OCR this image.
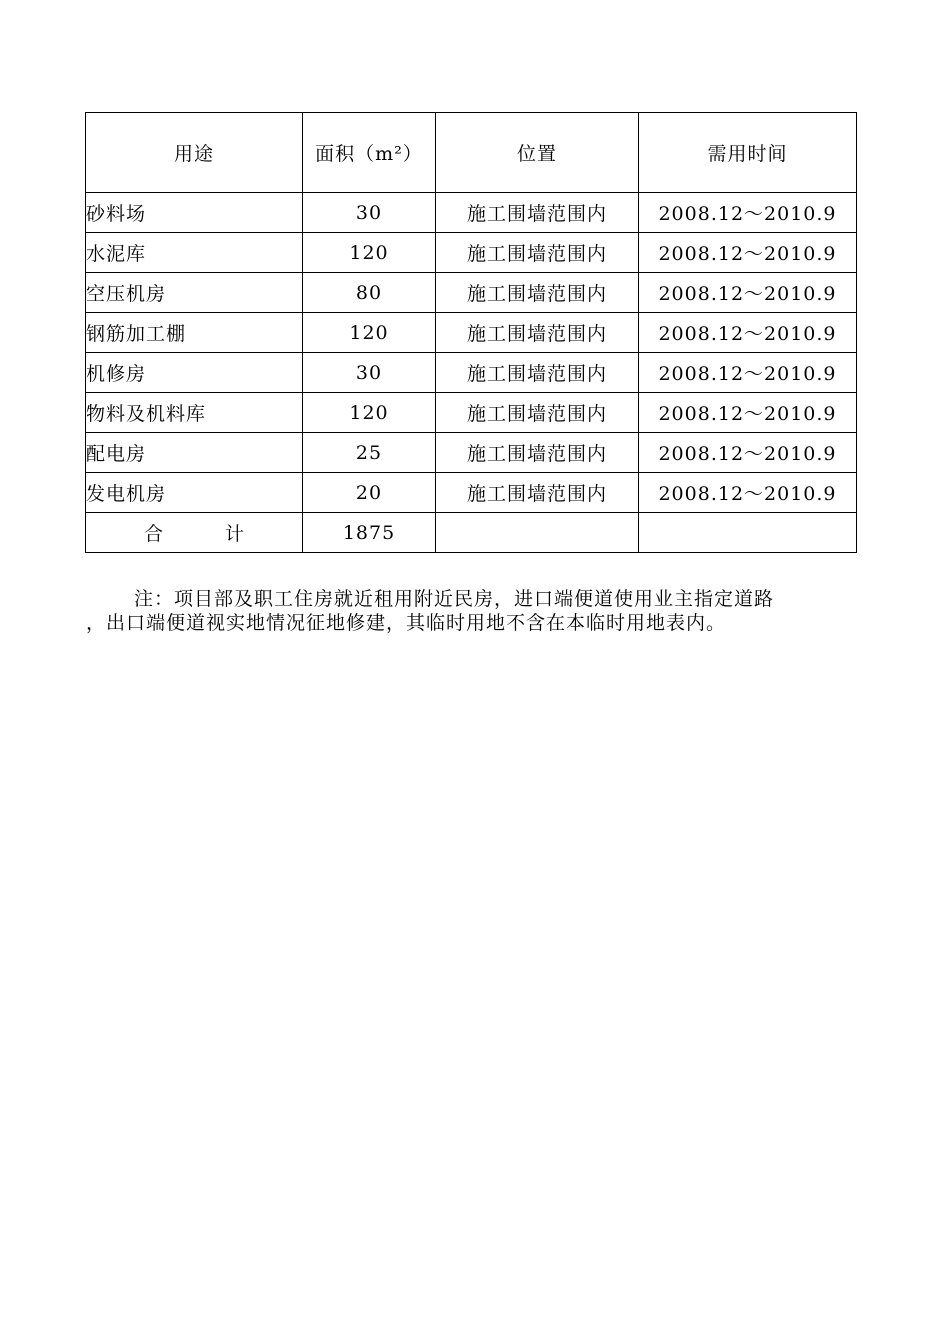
用途	面积（m²）	位置	需用时间
砂料场	30	施工围墙范围内	2008.12～2010.9
水泥库	120	施工围墙范围内	2008.12～2010.9
空压机房	80	施工围墙范围内	2008.12～2010.9
钢筋加工棚	120	施工围墙范围内	2008.12～2010.9
机修房	30	施工围墙范围内	2008.12～2010.9
物料及机料库	120	施工围墙范围内	2008.12～2010.9
配电房	25	施工围墙范围内	2008.12～2010.9
发电机房	20	施工围墙范围内	2008.12～2010.9
合 计	1875		

注：项目部及职工住房就近租用附近民房，进口端便道使用业主指定道路

，出口端便道视实地情况征地修建，其临时用地不含在本临时用地表内。
